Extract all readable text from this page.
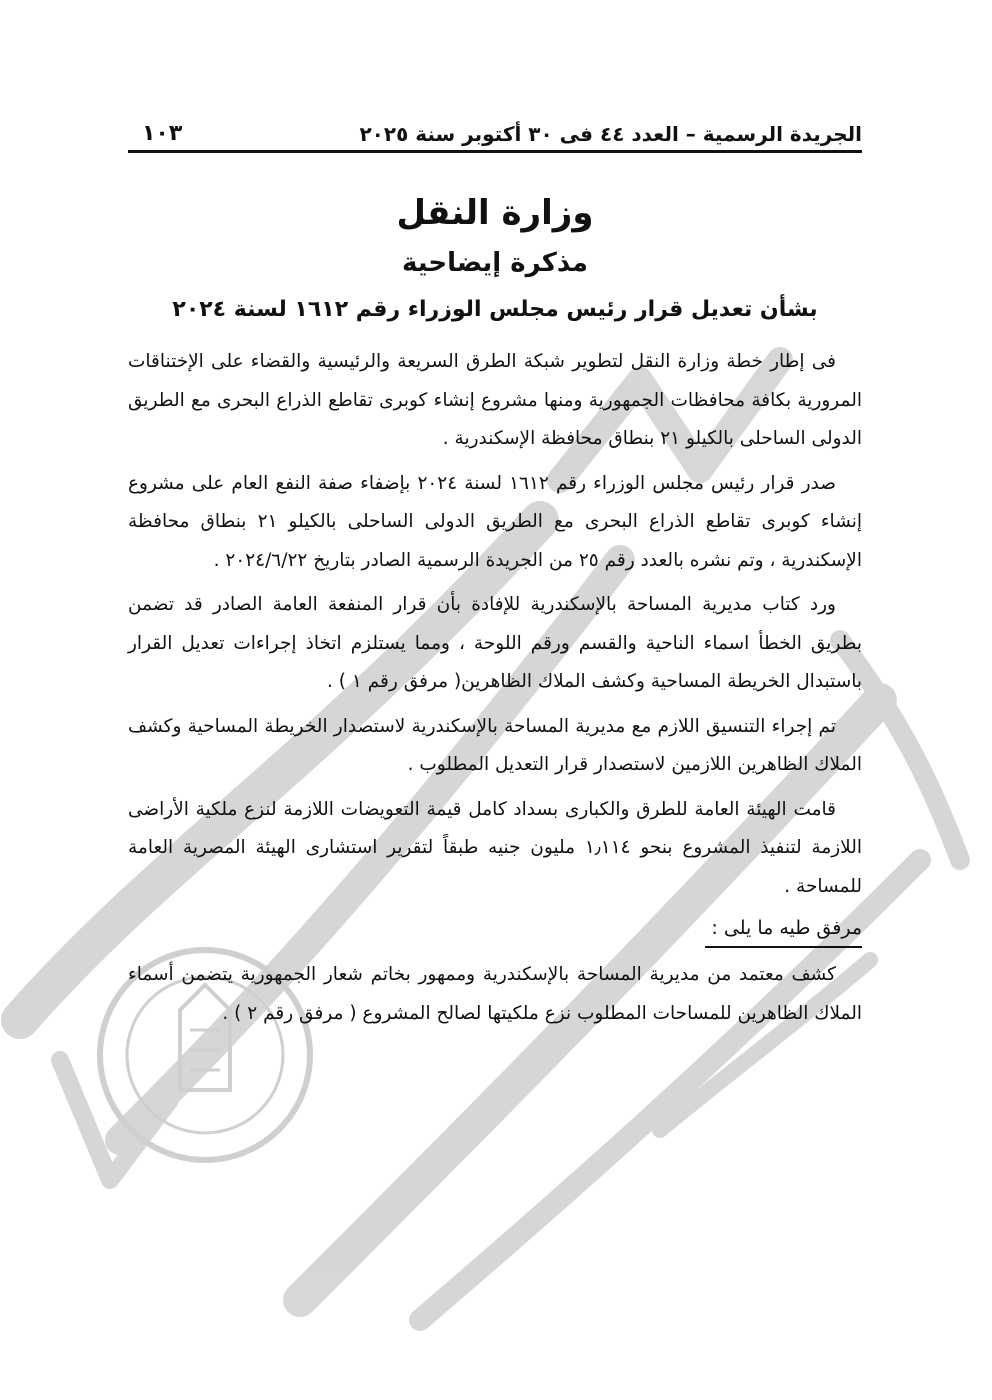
الجريدة الرسمية – العدد ٤٤ فى ٣٠ أكتوبر سنة ٢٠٢٥
١٠٣
وزارة النقل
مذكرة إيضاحية
بشأن تعديل قرار رئيس مجلس الوزراء رقم ١٦١٢ لسنة ٢٠٢٤

فى إطار خطة وزارة النقل لتطوير شبكة الطرق السريعة والرئيسية والقضاء على الإختناقات المرورية بكافة محافظات الجمهورية ومنها مشروع إنشاء كوبرى تقاطع الذراع البحرى مع الطريق الدولى الساحلى بالكيلو ٢١ بنطاق محافظة الإسكندرية .

صدر قرار رئيس مجلس الوزراء رقم ١٦١٢ لسنة ٢٠٢٤ بإضفاء صفة النفع العام على مشروع إنشاء كوبرى تقاطع الذراع البحرى مع الطريق الدولى الساحلى بالكيلو ٢١ بنطاق محافظة الإسكندرية ، وتم نشره بالعدد رقم ٢٥ من الجريدة الرسمية الصادر بتاريخ ٢٠٢٤/٦/٢٢ .

ورد كتاب مديرية المساحة بالإسكندرية للإفادة بأن قرار المنفعة العامة الصادر قد تضمن بطريق الخطأ اسماء الناحية والقسم ورقم اللوحة ، ومما يستلزم اتخاذ إجراءات تعديل القرار باستبدال الخريطة المساحية وكشف الملاك الظاهرين( مرفق رقم ١ ) .

تم إجراء التنسيق اللازم مع مديرية المساحة بالإسكندرية لاستصدار الخريطة المساحية وكشف الملاك الظاهرين اللازمين لاستصدار قرار التعديل المطلوب .

قامت الهيئة العامة للطرق والكبارى بسداد كامل قيمة التعويضات اللازمة لنزع ملكية الأراضى اللازمة لتنفيذ المشروع بنحو ١٫١١٤ مليون جنيه طبقاً لتقرير استشارى الهيئة المصرية العامة للمساحة .

مرفق طيه ما يلى :

كشف معتمد من مديرية المساحة بالإسكندرية وممهور بخاتم شعار الجمهورية يتضمن أسماء الملاك الظاهرين للمساحات المطلوب نزع ملكيتها لصالح المشروع ( مرفق رقم ٢ ) .
